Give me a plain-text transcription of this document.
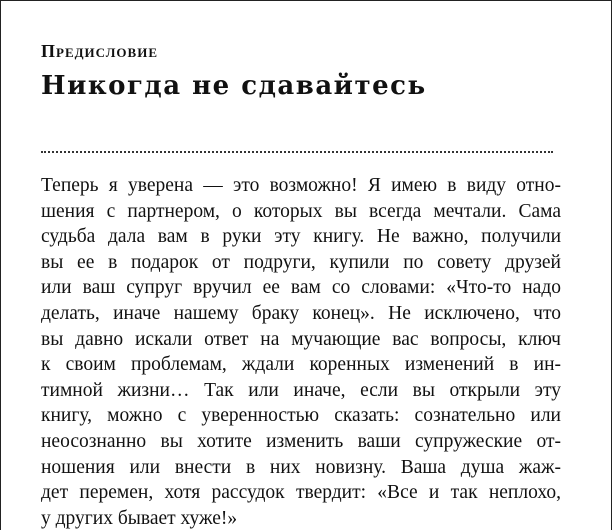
Предисловие
Никогда не сдавайтесь
Теперь я уверена — это возможно! Я имею в виду отно-
шения с партнером, о которых вы всегда мечтали. Сама
судьба дала вам в руки эту книгу. Не важно, получили
вы ее в подарок от подруги, купили по совету друзей
или ваш супруг вручил ее вам со словами: «Что-то надо
делать, иначе нашему браку конец». Не исключено, что
вы давно искали ответ на мучающие вас вопросы, ключ
к своим проблемам, ждали коренных изменений в ин-
тимной жизни… Так или иначе, если вы открыли эту
книгу, можно с уверенностью сказать: сознательно или
неосознанно вы хотите изменить ваши супружеские от-
ношения или внести в них новизну. Ваша душа жаж-
дет перемен, хотя рассудок твердит: «Все и так неплохо,
у других бывает хуже!»
